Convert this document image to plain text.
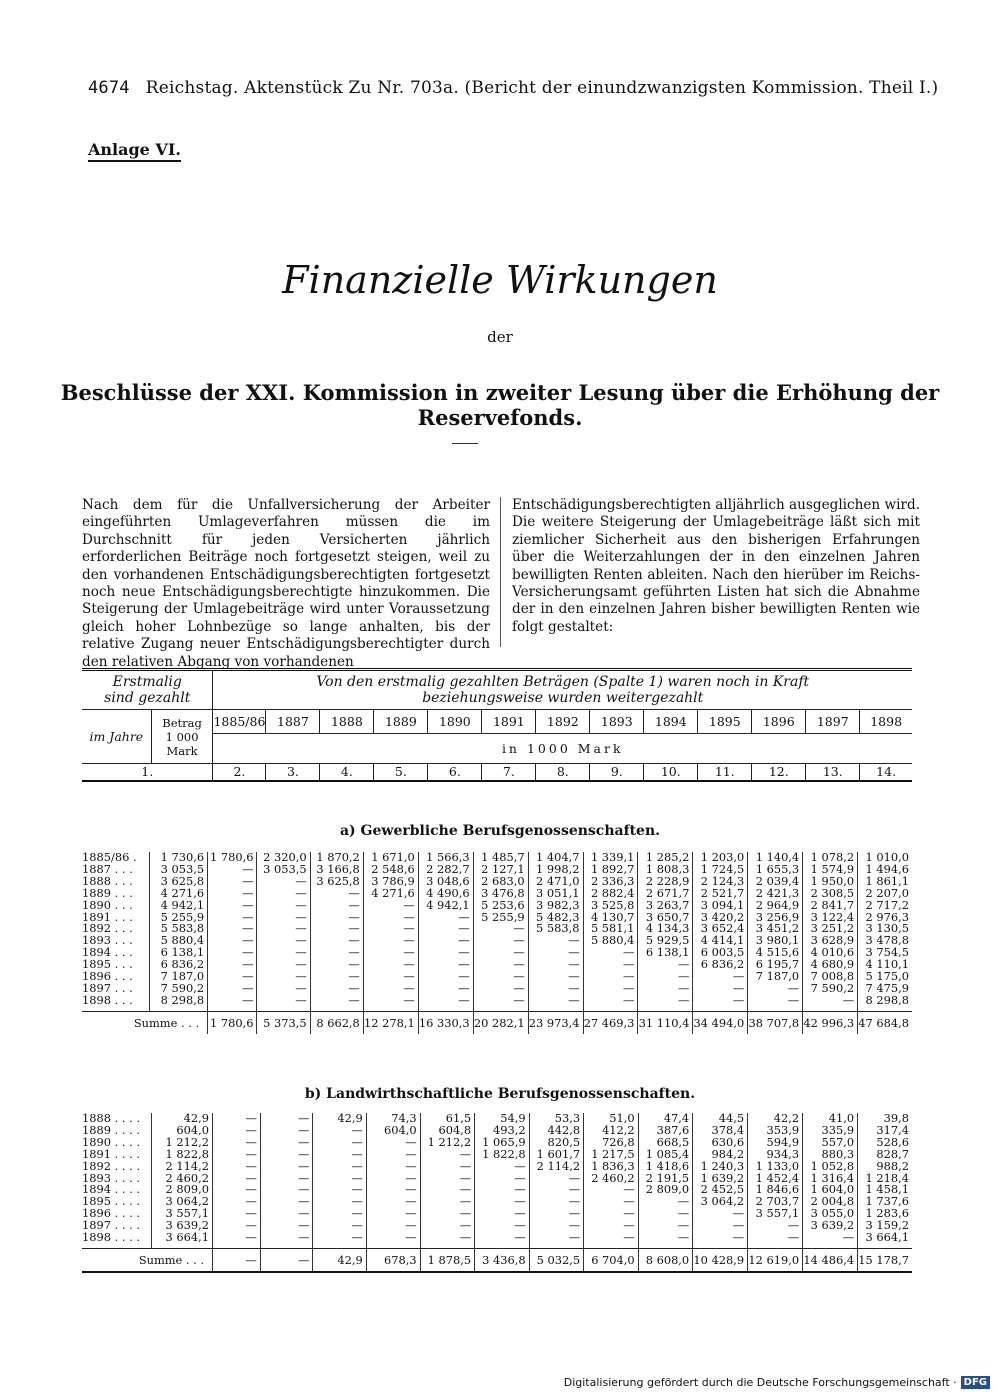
4674 Reichstag. Aktenstück Zu Nr. 703a. (Bericht der einundzwanzigsten Kommission. Theil I.)
Anlage VI.
Finanzielle Wirkungen
der
Beschlüsse der XXI. Kommission in zweiter Lesung über die Erhöhung der Reservefonds.
Nach dem für die Unfallversicherung der Arbeiter eingeführten Umlageverfahren müssen die im Durchschnitt für jeden Versicherten jährlich erforderlichen Beiträge noch fortgesetzt steigen, weil zu den vorhandenen Entschädigungsberechtigten fortgesetzt noch neue Entschädigungsberechtigte hinzukommen. Die Steigerung der Umlagebeiträge wird unter Voraussetzung gleich hoher Lohnbezüge so lange anhalten, bis der relative Zugang neuer Entschädigungsberechtigter durch den relativen Abgang von vorhandenen
Entschädigungsberechtigten alljährlich ausgeglichen wird. Die weitere Steigerung der Umlagebeiträge läßt sich mit ziemlicher Sicherheit aus den bisherigen Erfahrungen über die Weiterzahlungen der in den einzelnen Jahren bewilligten Renten ableiten. Nach den hierüber im Reichs-Versicherungsamt geführten Listen hat sich die Abnahme der in den einzelnen Jahren bisher bewilligten Renten wie folgt gestaltet:
Erstmalig sind gezahlt		Von den erstmalig gezahlten Beträgen (Spalte 1) waren noch in Kraft beziehungsweise wurden weitergezahlt												
im Jahre	Betrag 1 000 Mark	1885/86	1887	1888	1889	1890	1891	1892	1893	1894	1895	1896	1897	1898
		in 1000 Mark												
1.		2.	3.	4.	5.	6.	7.	8.	9.	10.	11.	12.	13.	14.
a) Gewerbliche Berufsgenossenschaften.
1885/86 .	1 730,6	1 780,6	2 320,0	1 870,2	1 671,0	1 566,3	1 485,7	1 404,7	1 339,1	1 285,2	1 203,0	1 140,4	1 078,2	1 010,0
1887 . . .	3 053,5	—	3 053,5	3 166,8	2 548,6	2 282,7	2 127,1	1 998,2	1 892,7	1 808,3	1 724,5	1 655,3	1 574,9	1 494,6
1888 . . .	3 625,8	—	—	3 625,8	3 786,9	3 048,6	2 683,0	2 471,0	2 336,3	2 228,9	2 124,3	2 039,4	1 950,0	1 861,1
1889 . . .	4 271,6	—	—	—	4 271,6	4 490,6	3 476,8	3 051,1	2 882,4	2 671,7	2 521,7	2 421,3	2 308,5	2 207,0
1890 . . .	4 942,1	—	—	—	—	4 942,1	5 253,6	3 982,3	3 525,8	3 263,7	3 094,1	2 964,9	2 841,7	2 717,2
1891 . . .	5 255,9	—	—	—	—	—	5 255,9	5 482,3	4 130,7	3 650,7	3 420,2	3 256,9	3 122,4	2 976,3
1892 . . .	5 583,8	—	—	—	—	—	—	5 583,8	5 581,1	4 134,3	3 652,4	3 451,2	3 251,2	3 130,5
1893 . . .	5 880,4	—	—	—	—	—	—	—	5 880,4	5 929,5	4 414,1	3 980,1	3 628,9	3 478,8
1894 . . .	6 138,1	—	—	—	—	—	—	—	—	6 138,1	6 003,5	4 515,6	4 010,6	3 754,5
1895 . . .	6 836,2	—	—	—	—	—	—	—	—	—	6 836,2	6 195,7	4 680,9	4 110,1
1896 . . .	7 187,0	—	—	—	—	—	—	—	—	—	—	7 187,0	7 008,8	5 175,0
1897 . . .	7 590,2	—	—	—	—	—	—	—	—	—	—	—	7 590,2	7 475,9
1898 . . .	8 298,8	—	—	—	—	—	—	—	—	—	—	—	—	8 298,8

Summe . . .		1 780,6	5 373,5	8 662,8	12 278,1	16 330,3	20 282,1	23 973,4	27 469,3	31 110,4	34 494,0	38 707,8	42 996,3	47 684,8
b) Landwirthschaftliche Berufsgenossenschaften.
1888 . . . .	42,9	—	—	42,9	74,3	61,5	54,9	53,3	51,0	47,4	44,5	42,2	41,0	39,8
1889 . . . .	604,0	—	—	—	604,0	604,8	493,2	442,8	412,2	387,6	378,4	353,9	335,9	317,4
1890 . . . .	1 212,2	—	—	—	—	1 212,2	1 065,9	820,5	726,8	668,5	630,6	594,9	557,0	528,6
1891 . . . .	1 822,8	—	—	—	—	—	1 822,8	1 601,7	1 217,5	1 085,4	984,2	934,3	880,3	828,7
1892 . . . .	2 114,2	—	—	—	—	—	—	2 114,2	1 836,3	1 418,6	1 240,3	1 133,0	1 052,8	988,2
1893 . . . .	2 460,2	—	—	—	—	—	—	—	2 460,2	2 191,5	1 639,2	1 452,4	1 316,4	1 218,4
1894 . . . .	2 809,0	—	—	—	—	—	—	—	—	2 809,0	2 452,5	1 846,6	1 604,0	1 458,1
1895 . . . .	3 064,2	—	—	—	—	—	—	—	—	—	3 064,2	2 703,7	2 004,8	1 737,6
1896 . . . .	3 557,1	—	—	—	—	—	—	—	—	—	—	3 557,1	3 055,0	1 283,6
1897 . . . .	3 639,2	—	—	—	—	—	—	—	—	—	—	—	3 639,2	3 159,2
1898 . . . .	3 664,1	—	—	—	—	—	—	—	—	—	—	—	—	3 664,1

Summe . . .		—	—	42,9	678,3	1 878,5	3 436,8	5 032,5	6 704,0	8 608,0	10 428,9	12 619,0	14 486,4	15 178,7
Digitalisierung gefördert durch die Deutsche Forschungsgemeinschaft · DFG
